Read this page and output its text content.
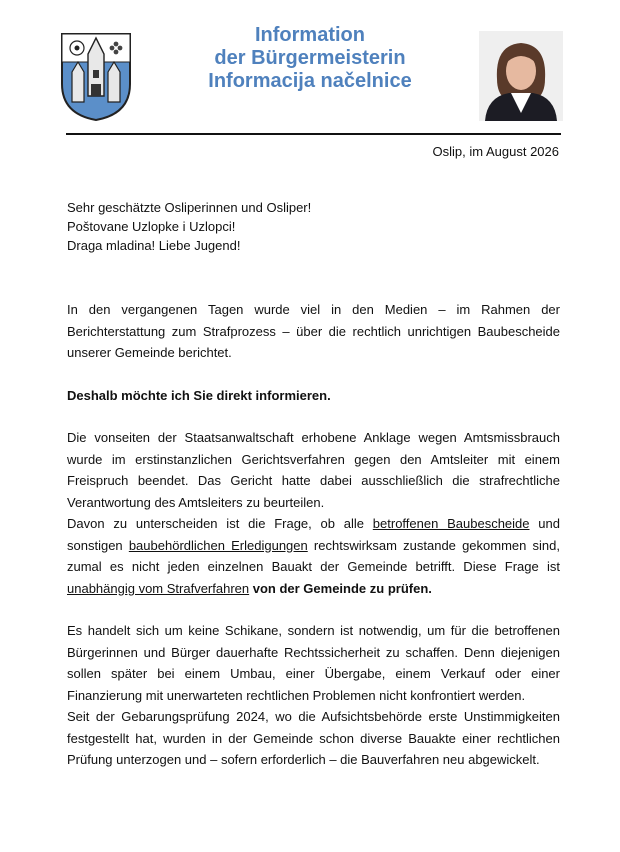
Information
der Bürgermeisterin
Informacija načelnice
Oslip, im August 2026
Sehr geschätzte Osliperinnen und Osliper!
Poštovane Uzlopke i Uzlopci!
Draga mladina! Liebe Jugend!

In den vergangenen Tagen wurde viel in den Medien – im Rahmen der Berichterstattung zum Strafprozess – über die rechtlich unrichtigen Baubescheide unserer Gemeinde berichtet.

Deshalb möchte ich Sie direkt informieren.

Die vonseiten der Staatsanwaltschaft erhobene Anklage wegen Amtsmissbrauch wurde im erstinstanzlichen Gerichtsverfahren gegen den Amtsleiter mit einem Freispruch beendet. Das Gericht hatte dabei ausschließlich die strafrechtliche Verantwortung des Amtsleiters zu beurteilen.

Davon zu unterscheiden ist die Frage, ob alle betroffenen Baubescheide und sonstigen baubehördlichen Erledigungen rechtswirksam zustande gekommen sind, zumal es nicht jeden einzelnen Bauakt der Gemeinde betrifft. Diese Frage ist unabhängig vom Strafverfahren von der Gemeinde zu prüfen.

Es handelt sich um keine Schikane, sondern ist notwendig, um für die betroffenen Bürgerinnen und Bürger dauerhafte Rechtssicherheit zu schaffen. Denn diejenigen sollen später bei einem Umbau, einer Übergabe, einem Verkauf oder einer Finanzierung mit unerwarteten rechtlichen Problemen nicht konfrontiert werden.

Seit der Gebarungsprüfung 2024, wo die Aufsichtsbehörde erste Unstimmigkeiten festgestellt hat, wurden in der Gemeinde schon diverse Bauakte einer rechtlichen Prüfung unterzogen und – sofern erforderlich – die Bauverfahren neu abgewickelt.
